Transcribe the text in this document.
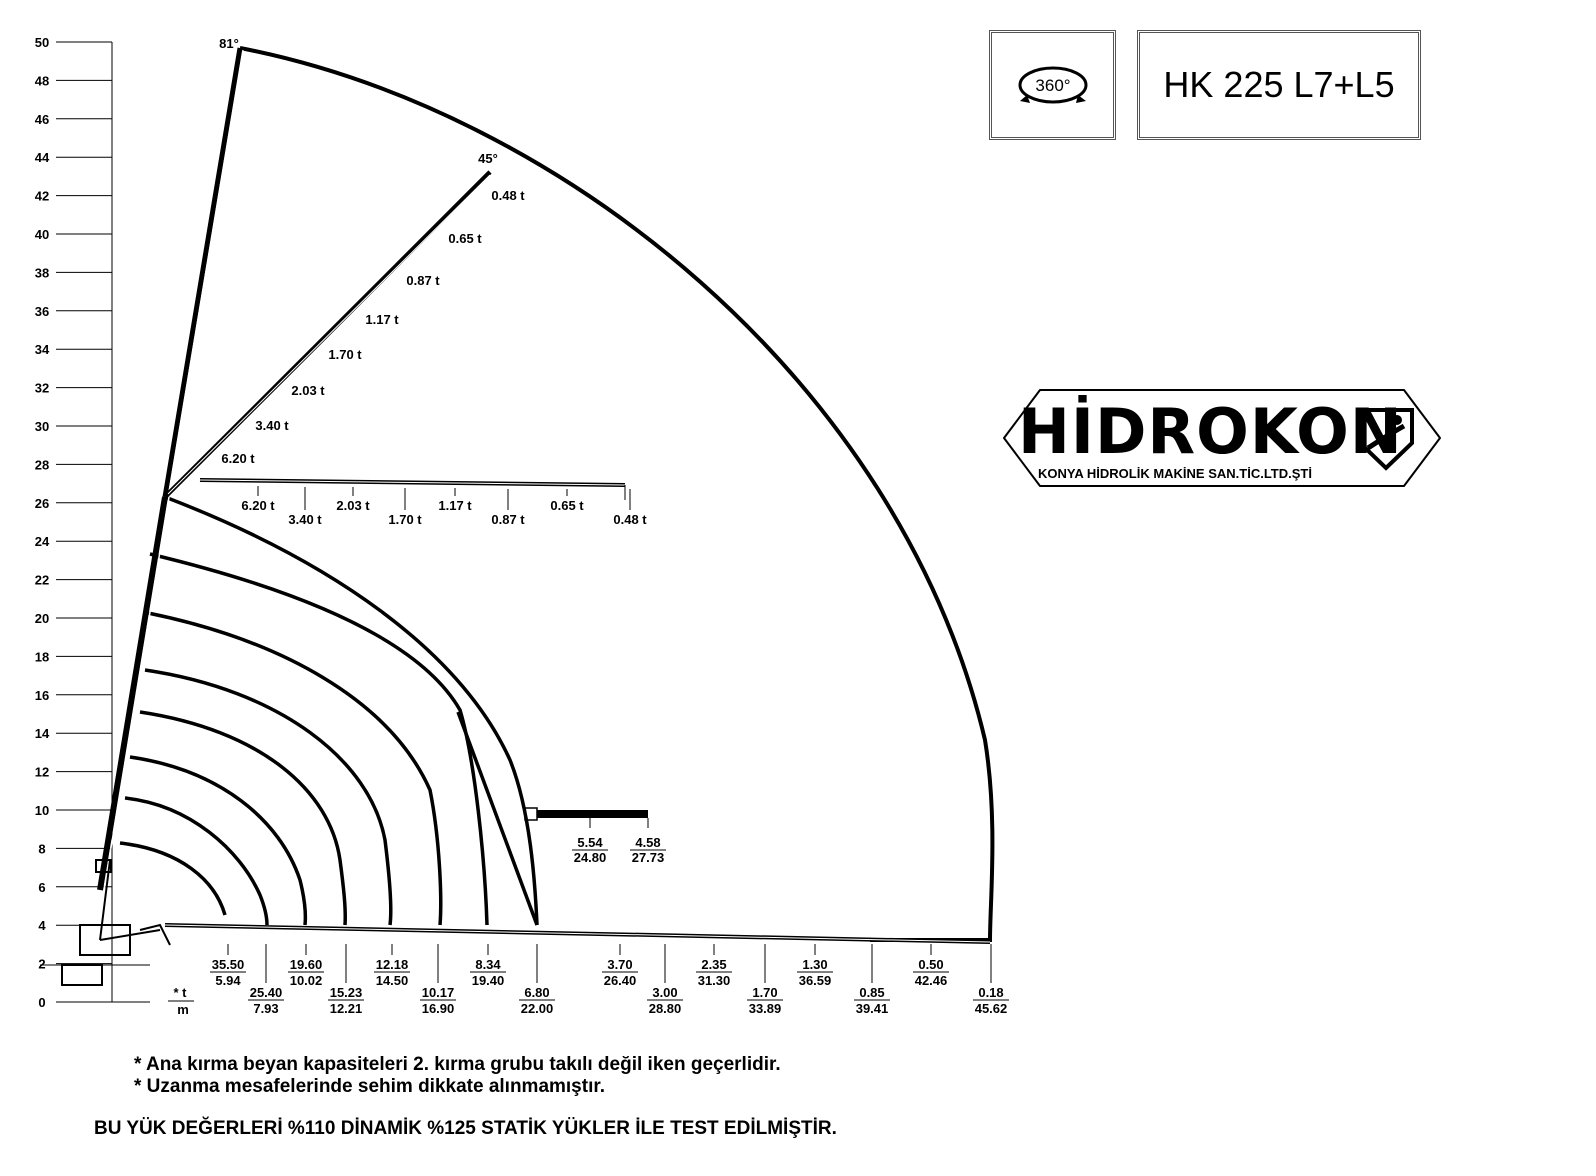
0
2
4
6
8
10
12
14
16
18
20
22
24
26
28
30
32
34
36
38
40
42
44
46
48
50	81°
45°
0.48 t
0.65 t
0.87 t
1.17 t
1.70 t
2.03 t
3.40 t
6.20 t
6.20 t
3.40 t
2.03 t
1.70 t
1.17 t
0.87 t
0.65 t
0.48 t
* t
m
35.50
5.94
25.40
7.93
19.60
10.02
15.23
12.21
12.18
14.50
10.17
16.90
8.34
19.40
6.80
22.00
3.70
26.40
3.00
28.80
2.35
31.30
1.70
33.89
1.30
36.59
0.85
39.41
0.50
42.46
0.18
45.62
5.54
24.80
4.58
27.73
360°	HK 225 L7+L5
HİDROKON
KONYA HİDROLİK MAKİNE SAN.TİC.LTD.ŞTİ
* Ana kırma beyan kapasiteleri 2. kırma grubu takılı değil iken geçerlidir.
* Uzanma mesafelerinde sehim dikkate alınmamıştır.
BU YÜK DEĞERLERİ %110 DİNAMİK %125 STATİK YÜKLER İLE TEST EDİLMİŞTİR.
